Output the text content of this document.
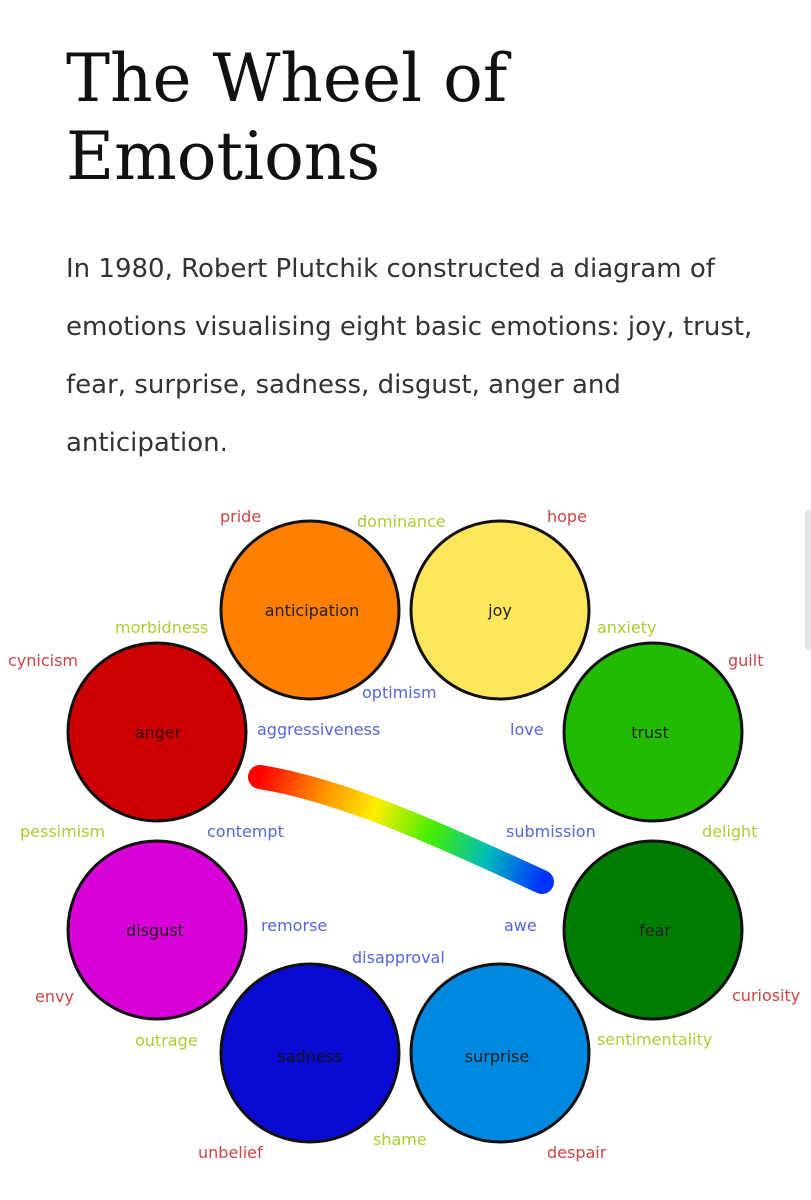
The Wheel of Emotions

In 1980, Robert Plutchik constructed a diagram of emotions visualising eight basic emotions: joy, trust, fear, surprise, sadness, disgust, anger and anticipation.

anticipation	joy
trust
fear
surprise
sadness
disgust
anger
pride	hope
cynicism	guilt
envy	curiosity
unbelief	despair
dominance
morbidness	anxiety
pessimism	delight
outrage	sentimentality
shame
optimism
aggressiveness	love
contempt	submission
remorse	awe
disapproval
